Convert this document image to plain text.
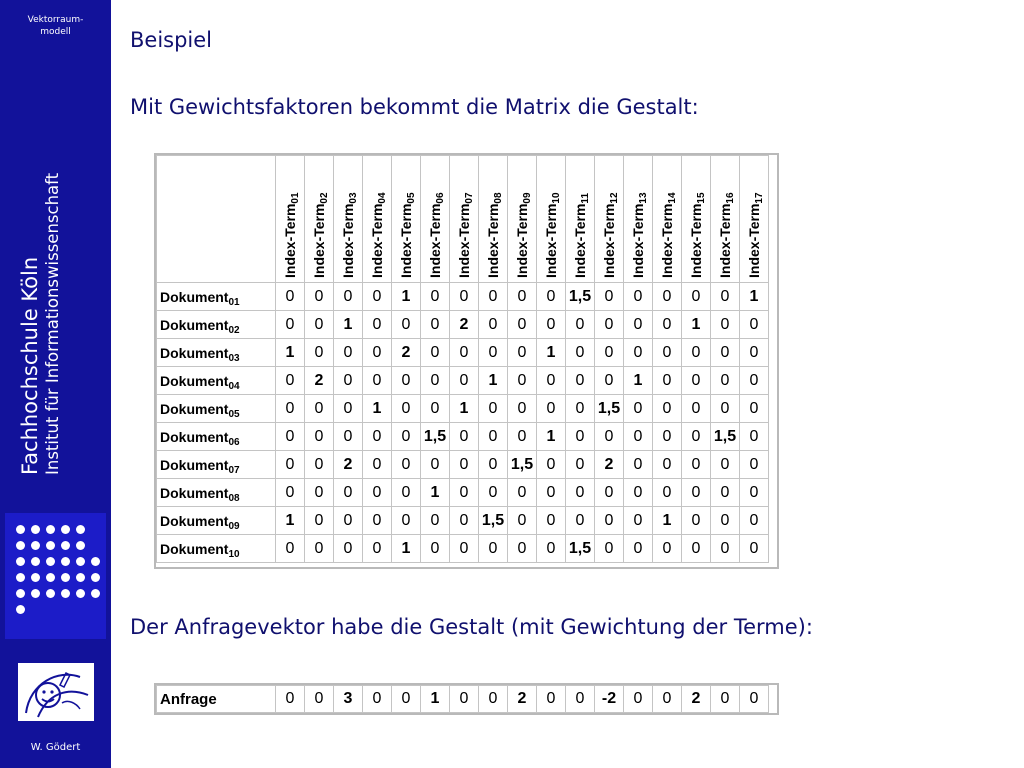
Vektorraum-
modell
Fachhochschule Köln Institut für Informationswissenschaft
W. Gödert
Beispiel
Mit Gewichtsfaktoren bekommt die Matrix die Gestalt:

	Index-Term$_{01}$	Index-Term$_{02}$	Index-Term$_{03}$	Index-Term$_{04}$	Index-Term$_{05}$	Index-Term$_{06}$	Index-Term$_{07}$	Index-Term$_{08}$	Index-Term$_{09}$	Index-Term$_{10}$	Index-Term$_{11}$	Index-Term$_{12}$	Index-Term$_{13}$	Index-Term$_{14}$	Index-Term$_{15}$	Index-Term$_{16}$	Index-Term$_{17}$

Dokument$_{01}$	0	0	0	0	1	0	0	0	0	0	1,5	0	0	0	0	0	1
Dokument$_{02}$	0	0	1	0	0	0	2	0	0	0	0	0	0	0	1	0	0
Dokument$_{03}$	1	0	0	0	2	0	0	0	0	1	0	0	0	0	0	0	0
Dokument$_{04}$	0	2	0	0	0	0	0	1	0	0	0	0	1	0	0	0	0
Dokument$_{05}$	0	0	0	1	0	0	1	0	0	0	0	1,5	0	0	0	0	0
Dokument$_{06}$	0	0	0	0	0	1,5	0	0	0	1	0	0	0	0	0	1,5	0
Dokument$_{07}$	0	0	2	0	0	0	0	0	1,5	0	0	2	0	0	0	0	0
Dokument$_{08}$	0	0	0	0	0	1	0	0	0	0	0	0	0	0	0	0	0
Dokument$_{09}$	1	0	0	0	0	0	0	1,5	0	0	0	0	0	1	0	0	0
Dokument$_{10}$	0	0	0	0	1	0	0	0	0	0	1,5	0	0	0	0	0	0
Der Anfragevektor habe die Gestalt (mit Gewichtung der Terme):
Anfrage	0	0	3	0	0	1	0	0	2	0	0	-2	0	0	2	0	0
